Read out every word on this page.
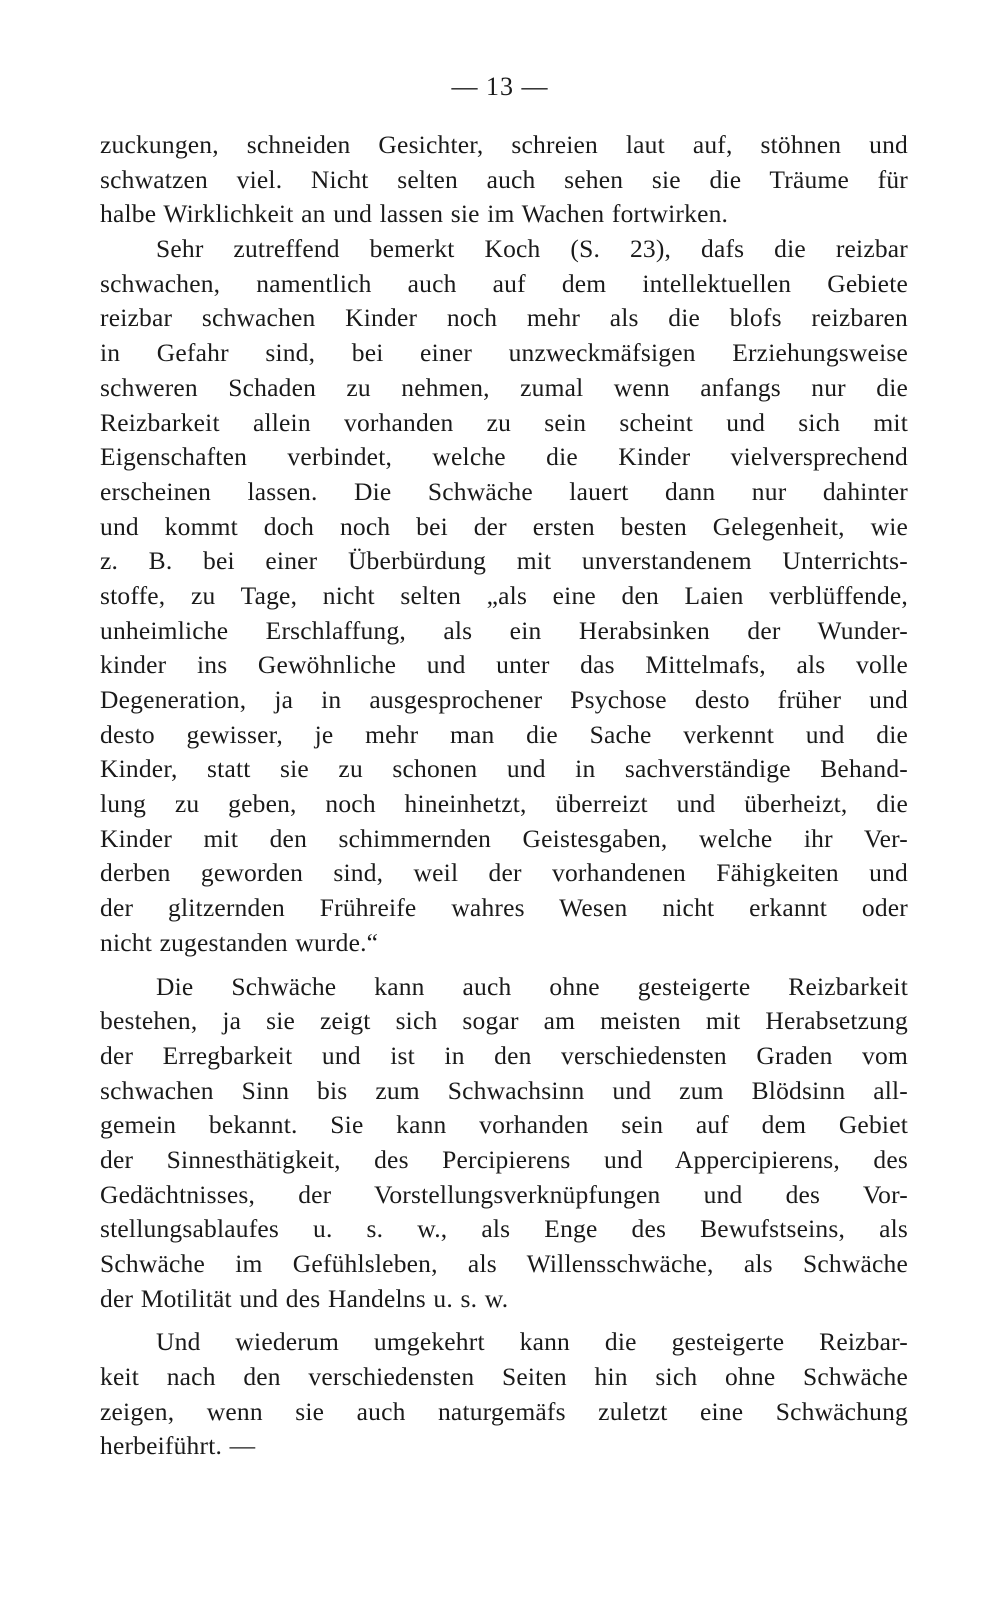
— 13 —
zuckungen, schneiden Gesichter, schreien laut auf, stöhnen und
schwatzen viel. Nicht selten auch sehen sie die Träume für
halbe Wirklichkeit an und lassen sie im Wachen fortwirken.
Sehr zutreffend bemerkt Koch (S. 23), dafs die reizbar
schwachen, namentlich auch auf dem intellektuellen Gebiete
reizbar schwachen Kinder noch mehr als die blofs reizbaren
in Gefahr sind, bei einer unzweckmäfsigen Erziehungsweise
schweren Schaden zu nehmen, zumal wenn anfangs nur die
Reizbarkeit allein vorhanden zu sein scheint und sich mit
Eigenschaften verbindet, welche die Kinder vielversprechend
erscheinen lassen. Die Schwäche lauert dann nur dahinter
und kommt doch noch bei der ersten besten Gelegenheit, wie
z. B. bei einer Überbürdung mit unverstandenem Unterrichts-
stoffe, zu Tage, nicht selten „als eine den Laien verblüffende,
unheimliche Erschlaffung, als ein Herabsinken der Wunder-
kinder ins Gewöhnliche und unter das Mittelmafs, als volle
Degeneration, ja in ausgesprochener Psychose desto früher und
desto gewisser, je mehr man die Sache verkennt und die
Kinder, statt sie zu schonen und in sachverständige Behand-
lung zu geben, noch hineinhetzt, überreizt und überheizt, die
Kinder mit den schimmernden Geistesgaben, welche ihr Ver-
derben geworden sind, weil der vorhandenen Fähigkeiten und
der glitzernden Frühreife wahres Wesen nicht erkannt oder
nicht zugestanden wurde.“
Die Schwäche kann auch ohne gesteigerte Reizbarkeit
bestehen, ja sie zeigt sich sogar am meisten mit Herabsetzung
der Erregbarkeit und ist in den verschiedensten Graden vom
schwachen Sinn bis zum Schwachsinn und zum Blödsinn all-
gemein bekannt. Sie kann vorhanden sein auf dem Gebiet
der Sinnesthätigkeit, des Percipierens und Appercipierens, des
Gedächtnisses, der Vorstellungsverknüpfungen und des Vor-
stellungsablaufes u. s. w., als Enge des Bewufstseins, als
Schwäche im Gefühlsleben, als Willensschwäche, als Schwäche
der Motilität und des Handelns u. s. w.
Und wiederum umgekehrt kann die gesteigerte Reizbar-
keit nach den verschiedensten Seiten hin sich ohne Schwäche
zeigen, wenn sie auch naturgemäfs zuletzt eine Schwächung
herbeiführt. —
